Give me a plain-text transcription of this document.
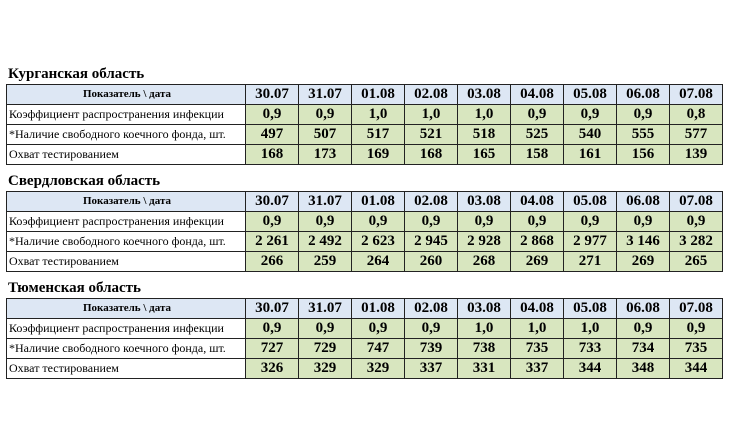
Курганская область
Показатель \ дата	30.07	31.07	01.08	02.08	03.08	04.08	05.08	06.08	07.08
Коэффициент распространения инфекции	0,9	0,9	1,0	1,0	1,0	0,9	0,9	0,9	0,8
*Наличие свободного коечного фонда, шт.	497	507	517	521	518	525	540	555	577
Охват тестированием	168	173	169	168	165	158	161	156	139
Свердловская область
Показатель \ дата	30.07	31.07	01.08	02.08	03.08	04.08	05.08	06.08	07.08
Коэффициент распространения инфекции	0,9	0,9	0,9	0,9	0,9	0,9	0,9	0,9	0,9
*Наличие свободного коечного фонда, шт.	2 261	2 492	2 623	2 945	2 928	2 868	2 977	3 146	3 282
Охват тестированием	266	259	264	260	268	269	271	269	265
Тюменская область
Показатель \ дата	30.07	31.07	01.08	02.08	03.08	04.08	05.08	06.08	07.08
Коэффициент распространения инфекции	0,9	0,9	0,9	0,9	1,0	1,0	1,0	0,9	0,9
*Наличие свободного коечного фонда, шт.	727	729	747	739	738	735	733	734	735
Охват тестированием	326	329	329	337	331	337	344	348	344
